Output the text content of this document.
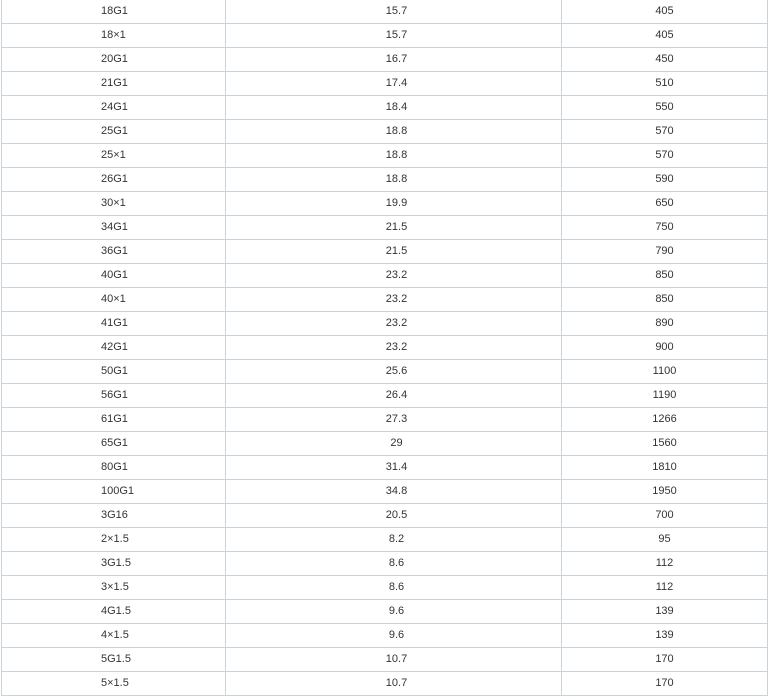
18G1	15.7	405
18×1	15.7	405
20G1	16.7	450
21G1	17.4	510
24G1	18.4	550
25G1	18.8	570
25×1	18.8	570
26G1	18.8	590
30×1	19.9	650
34G1	21.5	750
36G1	21.5	790
40G1	23.2	850
40×1	23.2	850
41G1	23.2	890
42G1	23.2	900
50G1	25.6	1100
56G1	26.4	1190
61G1	27.3	1266
65G1	29	1560
80G1	31.4	1810
100G1	34.8	1950
3G16	20.5	700
2×1.5	8.2	95
3G1.5	8.6	112
3×1.5	8.6	112
4G1.5	9.6	139
4×1.5	9.6	139
5G1.5	10.7	170
5×1.5	10.7	170
